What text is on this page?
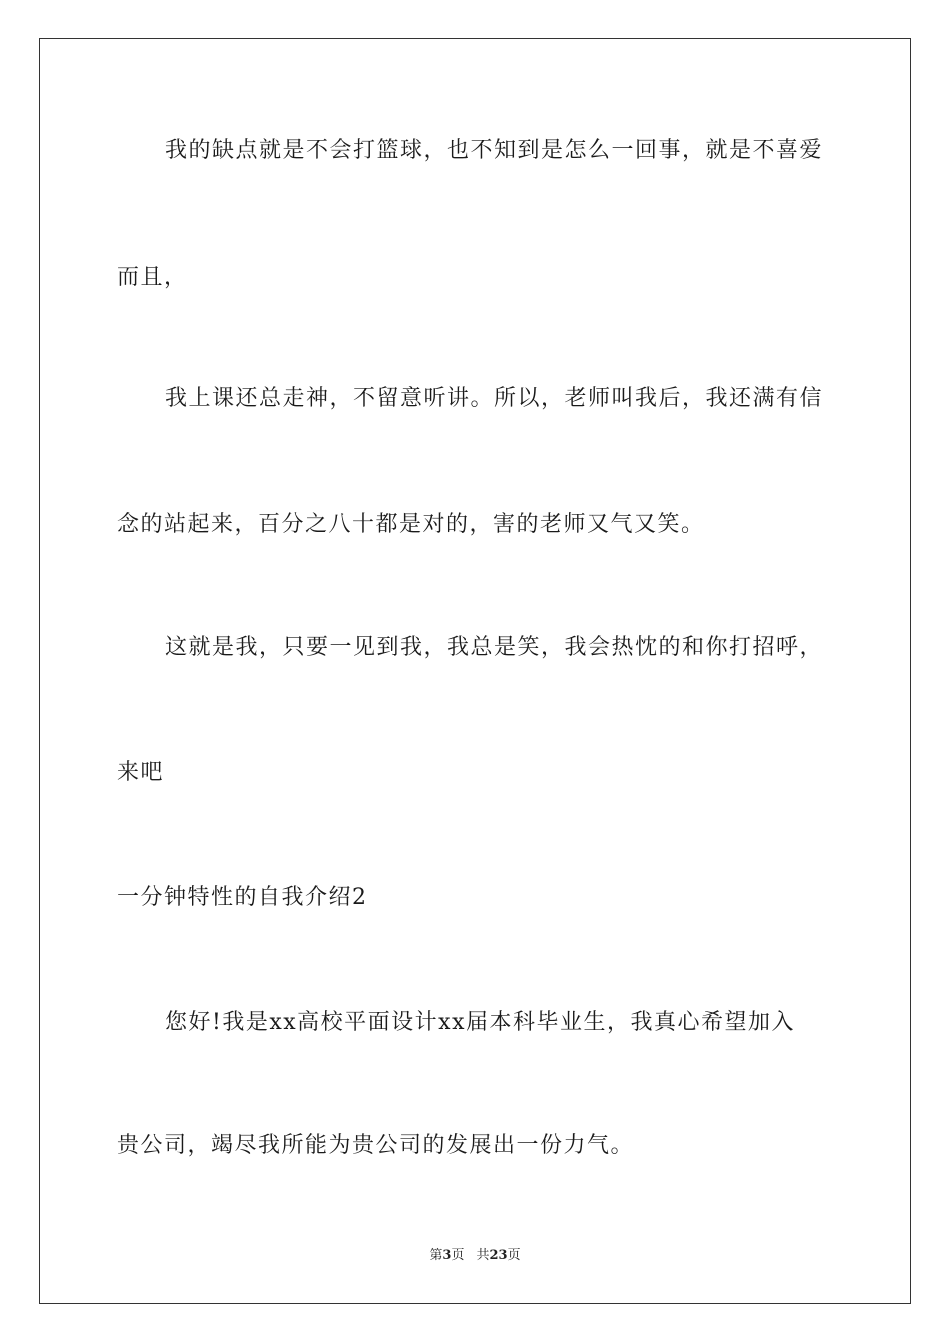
我的缺点就是不会打篮球，也不知到是怎么一回事，就是不喜爱
而且，
我上课还总走神，不留意听讲。所以，老师叫我后，我还满有信
念的站起来，百分之八十都是对的，害的老师又气又笑。
这就是我，只要一见到我，我总是笑，我会热忱的和你打招呼，
来吧
一分钟特性的自我介绍2
您好!我是xx高校平面设计xx届本科毕业生，我真心希望加入
贵公司，竭尽我所能为贵公司的发展出一份力气。
第3页 共23页
